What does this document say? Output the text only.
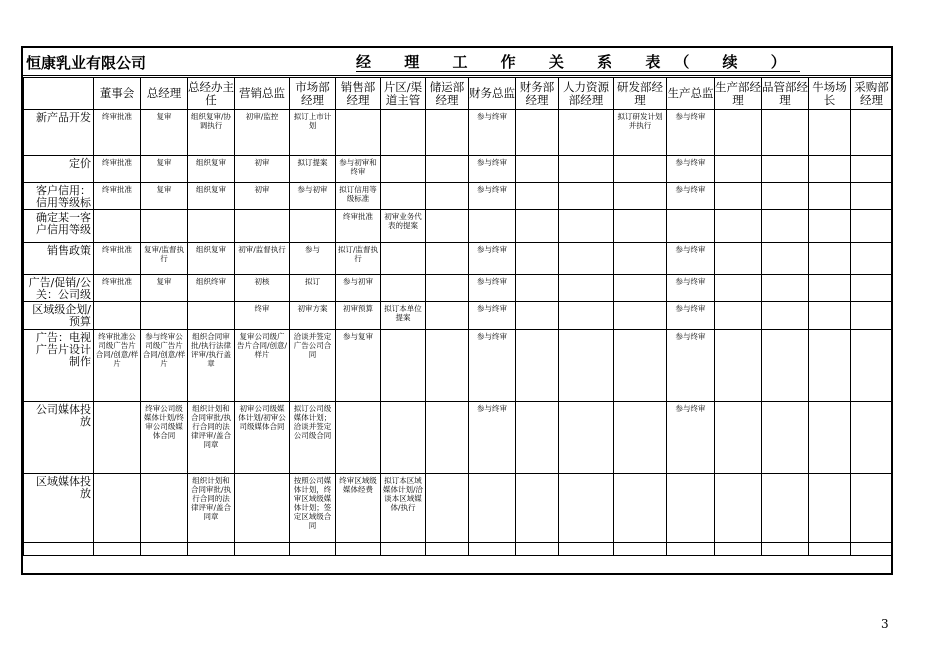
恒康乳业有限公司	经 理 工 作 关 系 表（ 续 ）
	董事会	总经理	总经办主任	营销总监	市场部经理	销售部经理	片区/渠道主管	储运部经理	财务总监	财务部经理	人力资源部经理	研发部经理	生产总监	生产部经理	品管部经理	牛场场长	采购部经理
新产品开发	终审批准	复审	组织复审/协调执行	初审/监控	拟订上市计划				参与终审			拟订研发计划并执行	参与终审				
定价	终审批准	复审	组织复审	初审	拟订提案	参与初审和终审			参与终审				参与终审				
客户信用：信用等级标	终审批准	复审	组织复审	初审	参与初审	拟订信用等级标准			参与终审				参与终审				
确定某一客户信用等级						终审批准	初审业务代表的提案										
销售政策	终审批准	复审/监督执行	组织复审	初审/监督执行	参与	拟订/监督执行			参与终审				参与终审				
广告/促销/公关：公司级	终审批准	复审	组织终审	初核	拟订	参与初审			参与终审				参与终审				
区域级企划/预算				终审	初审方案	初审预算	拟订本单位提案		参与终审				参与终审				
广告：电视广告片设计制作	终审批准公司级广告片合同/创意/样片	参与终审公司级广告片合同/创意/样片	组织合同审批/执行法律评审/执行盖章	复审公司级广告片合同/创意/样片	洽谈并签定广告公司合同	参与复审			参与终审				参与终审				
公司媒体投放		终审公司级媒体计划/终审公司级媒体合同	组织计划和合同审批/执行合同的法律评审/盖合同章	初审公司级媒体计划/初审公司级媒体合同	拟订公司级媒体计划；洽谈并签定公司级合同				参与终审				参与终审				
区域媒体投放			组织计划和合同审批/执行合同的法律评审/盖合同章		按照公司媒体计划，终审区域级媒体计划；签定区域级合同	终审区域级媒体经费	拟订本区域媒体计划/洽谈本区域媒体/执行										
3
